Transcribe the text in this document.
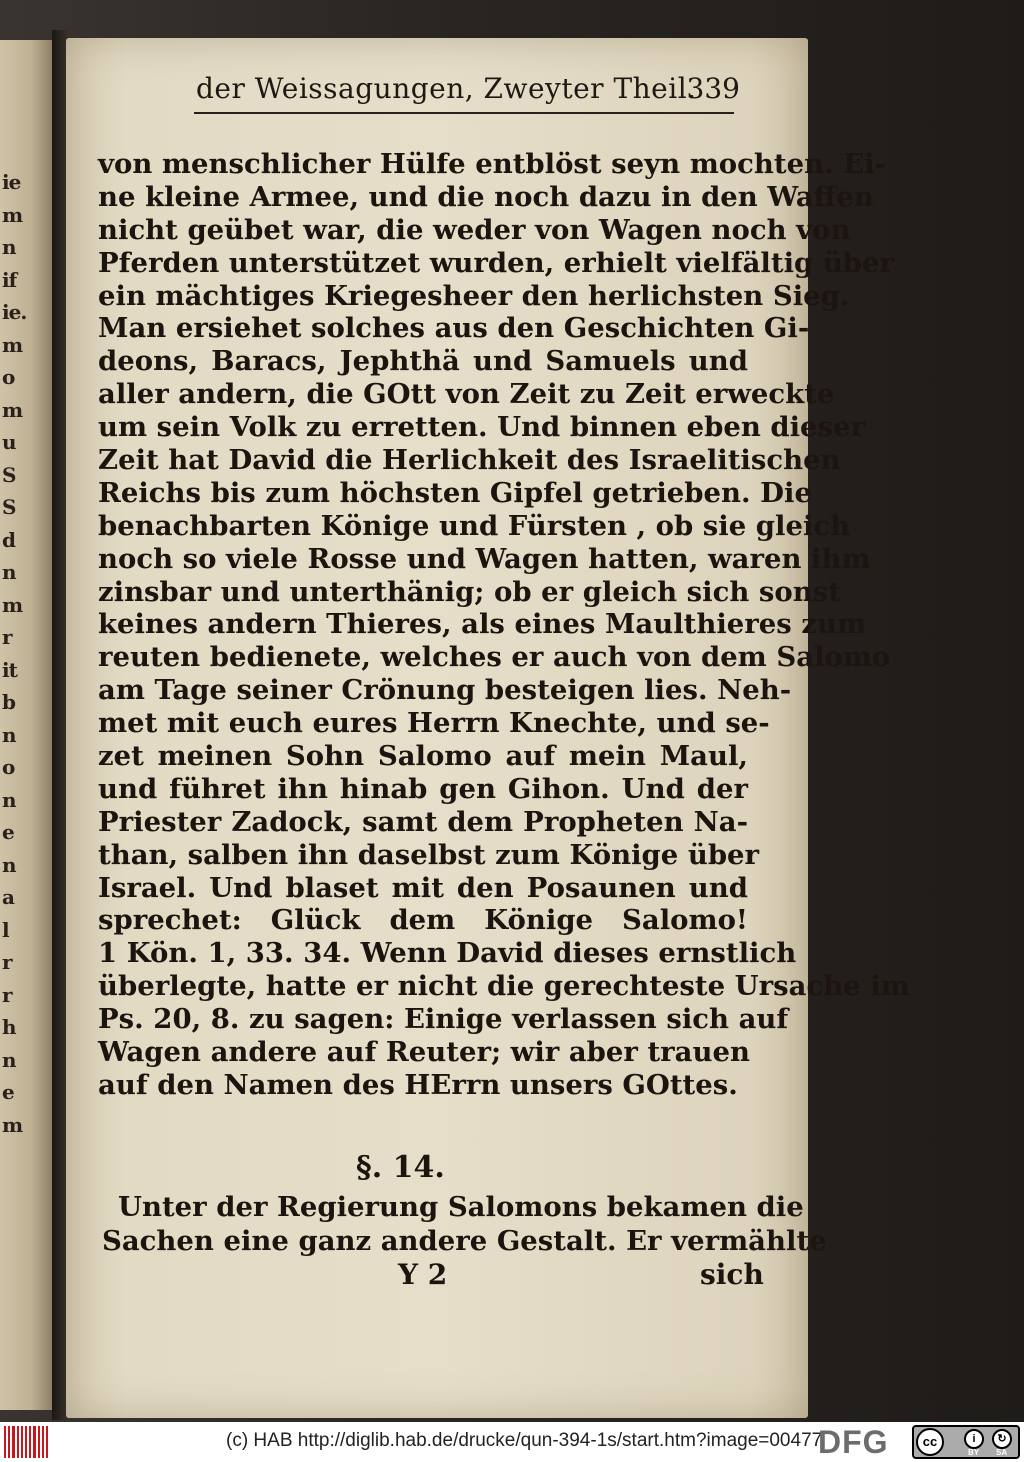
ie
m
n
if
ie.
m
o
m
u
S
S
d
n
m
r
it
b
n
o
n
e
n
a
l
r
r
h
n
e
m
der Weissagungen, Zweyter Theil.
339
von menschlicher Hülfe entblöst seyn mochten. Ei-
ne kleine Armee, und die noch dazu in den Waffen
nicht geübet war, die weder von Wagen noch von
Pferden unterstützet wurden, erhielt vielfältig über
ein mächtiges Kriegesheer den herlichsten Sieg.
Man ersiehet solches aus den Geschichten Gi-
deons, Baracs, Jephthä und Samuels und
aller andern, die GOtt von Zeit zu Zeit erweckte
um sein Volk zu erretten. Und binnen eben dieser
Zeit hat David die Herlichkeit des Israelitischen
Reichs bis zum höchsten Gipfel getrieben. Die
benachbarten Könige und Fürsten , ob sie gleich
noch so viele Rosse und Wagen hatten, waren ihm
zinsbar und unterthänig; ob er gleich sich sonst
keines andern Thieres, als eines Maulthieres zum
reuten bedienete, welches er auch von dem Salomo
am Tage seiner Crönung besteigen lies. Neh-
met mit euch eures Herrn Knechte, und se-
zet meinen Sohn Salomo auf mein Maul,
und führet ihn hinab gen Gihon. Und der
Priester Zadock, samt dem Propheten Na-
than, salben ihn daselbst zum Könige über
Israel. Und blaset mit den Posaunen und
sprechet: Glück dem Könige Salomo!
1 Kön. 1, 33. 34. Wenn David dieses ernstlich
überlegte, hatte er nicht die gerechteste Ursache im
Ps. 20, 8. zu sagen: Einige verlassen sich auf
Wagen andere auf Reuter; wir aber trauen
auf den Namen des HErrn unsers GOttes.
§. 14.
Unter der Regierung Salomons bekamen die
Sachen eine ganz andere Gestalt. Er vermählte
Y 2	sich
(c) HAB http://diglib.hab.de/drucke/qun-394-1s/start.htm?image=00477
DFG	cc	i	↻
BY SA
